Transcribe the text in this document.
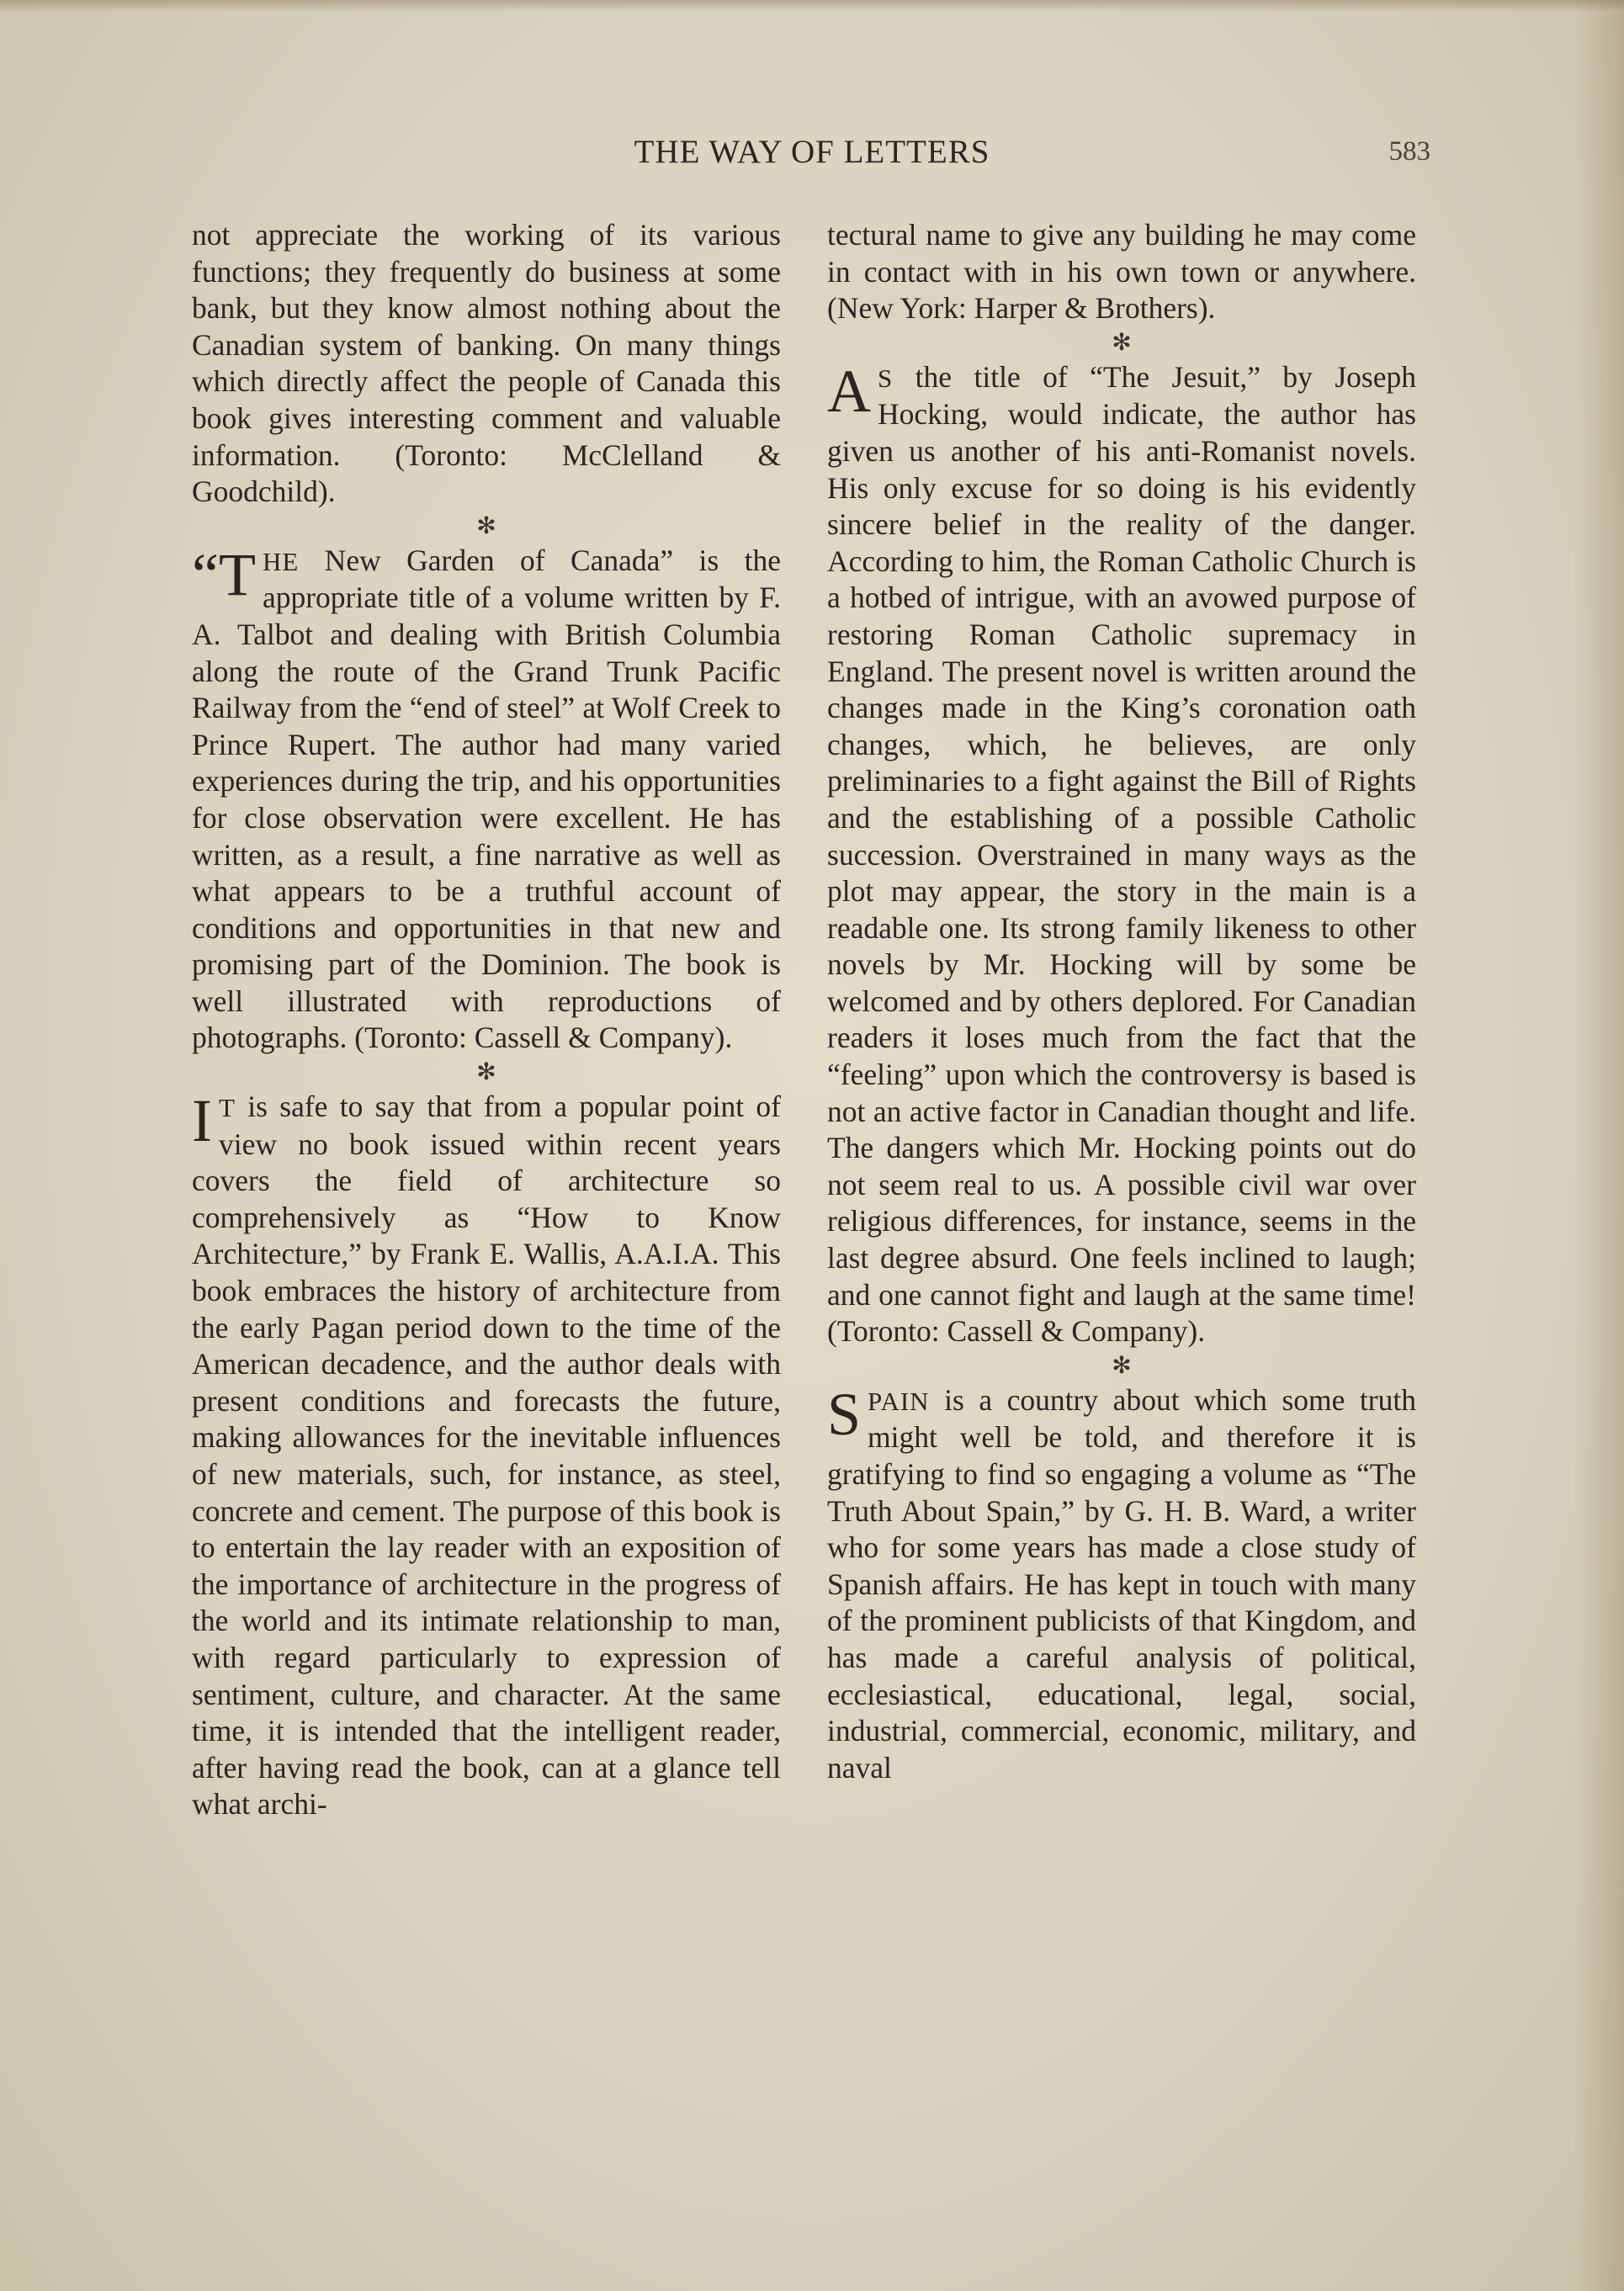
THE WAY OF LETTERS	583

not appreciate the working of its various functions; they frequently do business at some bank, but they know almost nothing about the Canadian system of banking. On many things which directly affect the people of Canada this book gives interesting comment and valuable information. (Toronto: McClelland & Goodchild).

✻

“T HE New Garden of Canada” is the appropriate title of a volume written by F. A. Talbot and dealing with British Columbia along the route of the Grand Trunk Pacific Railway from the “end of steel” at Wolf Creek to Prince Rupert. The author had many varied experiences during the trip, and his opportunities for close observation were excellent. He has written, as a result, a fine narrative as well as what appears to be a truthful account of conditions and opportunities in that new and promising part of the Dominion. The book is well illustrated with reproductions of photographs. (Toronto: Cassell & Company).

✻

I T is safe to say that from a popular point of view no book issued within recent years covers the field of architecture so comprehensively as “How to Know Architecture,” by Frank E. Wallis, A.A.I.A. This book embraces the history of architecture from the early Pagan period down to the time of the American decadence, and the author deals with present conditions and forecasts the future, making allowances for the inevitable influences of new materials, such, for instance, as steel, concrete and cement. The purpose of this book is to entertain the lay reader with an exposition of the importance of architecture in the progress of the world and its intimate relationship to man, with regard particularly to expression of sentiment, culture, and character. At the same time, it is intended that the intelligent reader, after having read the book, can at a glance tell what archi-

tectural name to give any building he may come in contact with in his own town or anywhere. (New York: Harper & Brothers).

✻

A S the title of “The Jesuit,” by Joseph Hocking, would indicate, the author has given us another of his anti-Romanist novels. His only excuse for so doing is his evidently sincere belief in the reality of the danger. According to him, the Roman Catholic Church is a hotbed of intrigue, with an avowed purpose of restoring Roman Catholic supremacy in England. The present novel is written around the changes made in the King’s coronation oath changes, which, he believes, are only preliminaries to a fight against the Bill of Rights and the establishing of a possible Catholic succession. Overstrained in many ways as the plot may appear, the story in the main is a readable one. Its strong family likeness to other novels by Mr. Hocking will by some be welcomed and by others deplored. For Canadian readers it loses much from the fact that the “feeling” upon which the controversy is based is not an active factor in Canadian thought and life. The dangers which Mr. Hocking points out do not seem real to us. A possible civil war over religious differences, for instance, seems in the last degree absurd. One feels inclined to laugh; and one cannot fight and laugh at the same time! (Toronto: Cassell & Company).

✻

SPAIN is a country about which some truth might well be told, and therefore it is gratifying to find so engaging a volume as “The Truth About Spain,” by G. H. B. Ward, a writer who for some years has made a close study of Spanish affairs. He has kept in touch with many of the prominent publicists of that Kingdom, and has made a careful analysis of political, ecclesiastical, educational, legal, social, industrial, commercial, economic, military, and naval
